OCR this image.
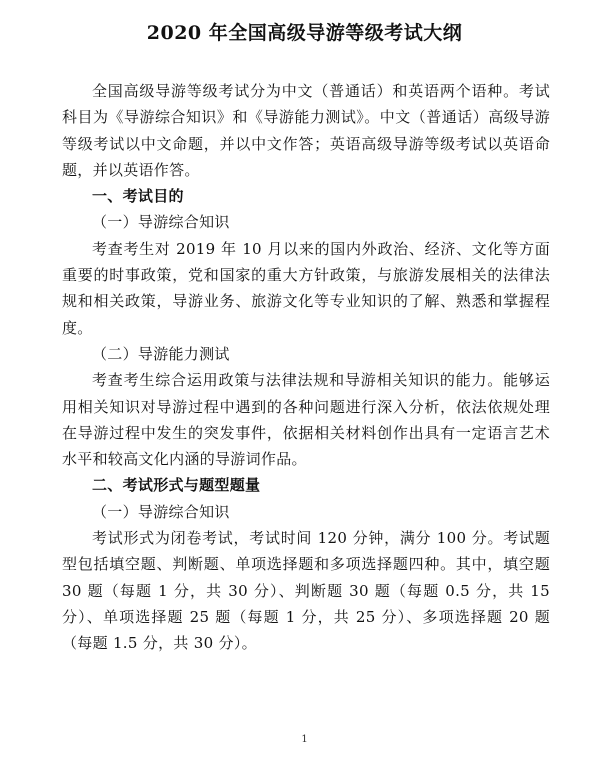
2020 年全国高级导游等级考试大纲

全国高级导游等级考试分为中文（普通话）和英语两个语种。考试科目为《导游综合知识》和《导游能力测试》。中文（普通话）高级导游等级考试以中文命题，并以中文作答；英语高级导游等级考试以英语命题，并以英语作答。

一、考试目的

（一）导游综合知识

考查考生对 2019 年 10 月以来的国内外政治、经济、文化等方面重要的时事政策，党和国家的重大方针政策，与旅游发展相关的法律法规和相关政策，导游业务、旅游文化等专业知识的了解、熟悉和掌握程度。

（二）导游能力测试

考查考生综合运用政策与法律法规和导游相关知识的能力。能够运用相关知识对导游过程中遇到的各种问题进行深入分析，依法依规处理在导游过程中发生的突发事件，依据相关材料创作出具有一定语言艺术水平和较高文化内涵的导游词作品。

二、考试形式与题型题量

（一）导游综合知识

考试形式为闭卷考试，考试时间 120 分钟，满分 100 分。考试题型包括填空题、判断题、单项选择题和多项选择题四种。其中，填空题 30 题（每题 1 分，共 30 分）、判断题 30 题（每题 0.5 分，共 15 分）、单项选择题 25 题（每题 1 分，共 25 分）、多项选择题 20 题（每题 1.5 分，共 30 分）。

1
